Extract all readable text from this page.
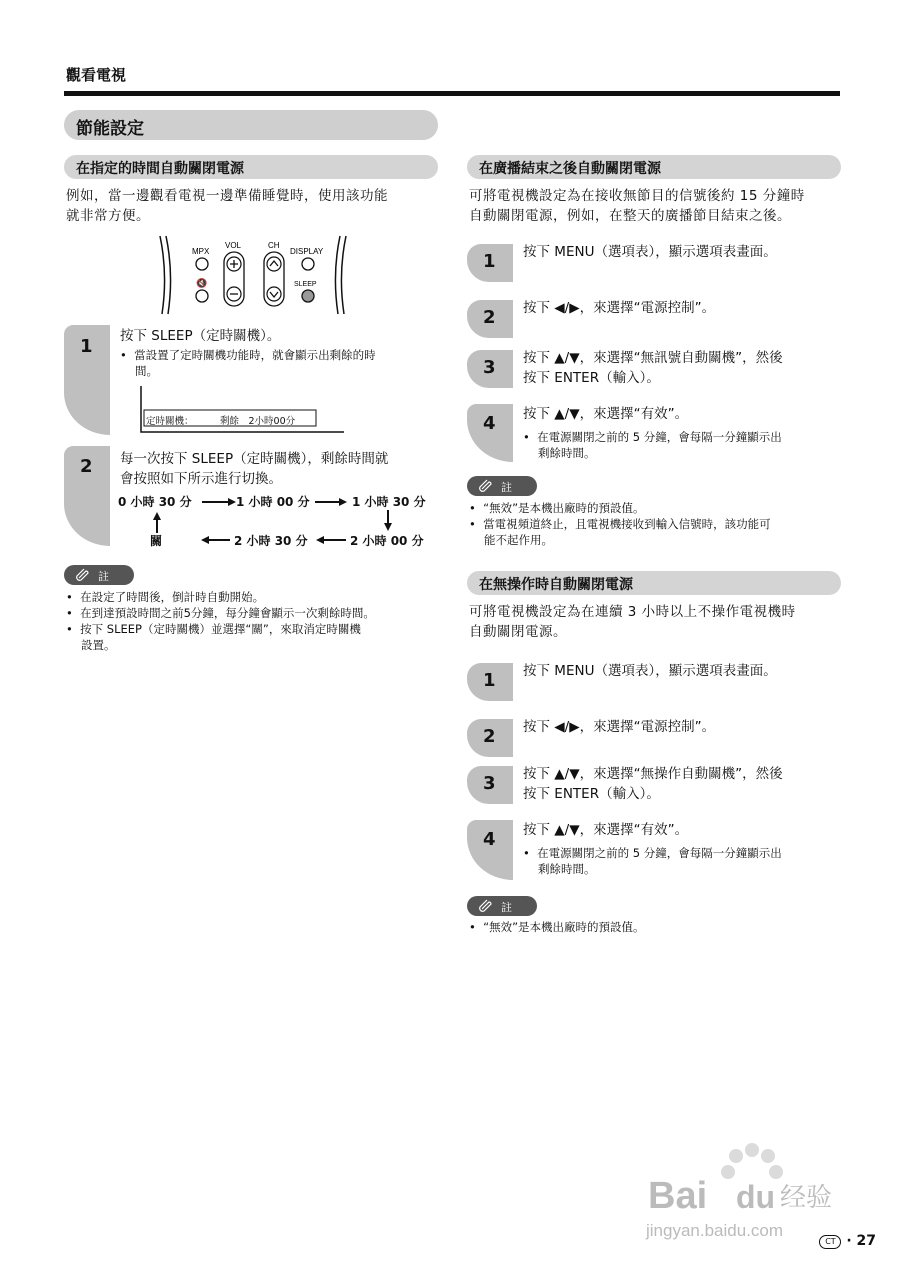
觀看電視
節能設定
在指定的時間自動關閉電源
例如，當一邊觀看電視一邊準備睡覺時，使用該功能
就非常方便。
MPX
🔇
VOL	CH
DISPLAY
SLEEP
1 按下 SLEEP（定時關機）。
•  當設置了定時關機功能時，就會顯示出剩餘的時
間。
定時關機：	剩餘　2小時00分
2 每一次按下 SLEEP（定時關機），剩餘時間就
會按照如下所示進行切換。
0 小時 30 分	1 小時 00 分	1 小時 30 分
2 小時 00 分
2 小時 30 分
關
註
•  在設定了時間後，倒計時自動開始。
•  在到達預設時間之前5分鐘，每分鐘會顯示一次剩餘時間。
•  按下 SLEEP（定時關機）並選擇“關”，來取消定時關機
設置。
在廣播結束之後自動關閉電源
可將電視機設定為在接收無節目的信號後約 15 分鐘時
自動關閉電源，例如，在整天的廣播節目結束之後。
1 按下 MENU（選項表），顯示選項表畫面。
2 按下 ◀/▶，來選擇“電源控制”。
3 按下 ▲/▼，來選擇“無訊號自動關機”，然後
按下 ENTER（輸入）。
4 按下 ▲/▼，來選擇“有效”。
•  在電源關閉之前的 5 分鐘，會每隔一分鐘顯示出
剩餘時間。
註
•  “無效”是本機出廠時的預設值。
•  當電視頻道終止，且電視機接收到輸入信號時，該功能可
能不起作用。
在無操作時自動關閉電源
可將電視機設定為在連續 3 小時以上不操作電視機時
自動關閉電源。
1 按下 MENU（選項表），顯示選項表畫面。
2 按下 ◀/▶，來選擇“電源控制”。
3 按下 ▲/▼，來選擇“無操作自動關機”，然後
按下 ENTER（輸入）。
4 按下 ▲/▼，來選擇“有效”。
•  在電源關閉之前的 5 分鐘，會每隔一分鐘顯示出
剩餘時間。
註
•  “無效”是本機出廠時的預設值。
Bai du 经验
jingyan.baidu.com
CT · 27
